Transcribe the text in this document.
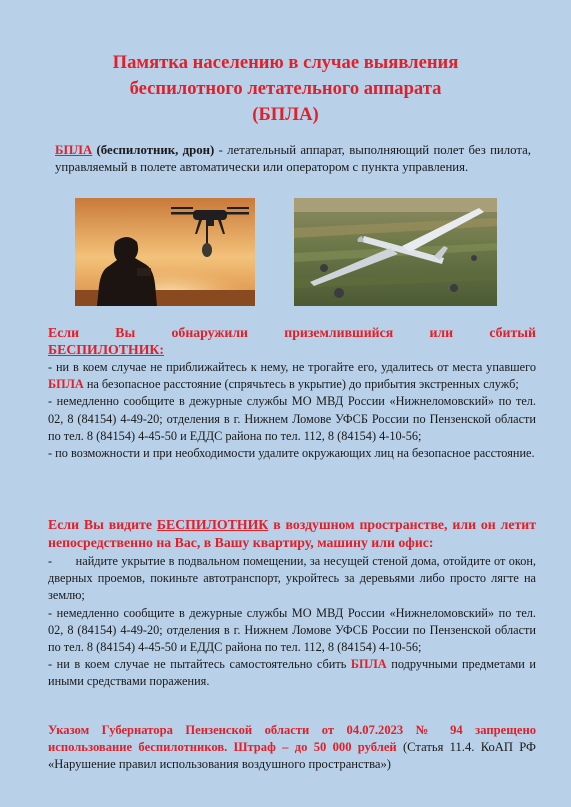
Памятка населению в случае выявления
беспилотного летательного аппарата
(БПЛА)
БПЛА (беспилотник, дрон) - летательный аппарат, выполняющий полет без пилота, управляемый в полете автоматически или оператором с пункта управления.
Если	Вы	обнаружили	приземлившийся	или	сбитый
БЕСПИЛОТНИК:

- ни в коем случае не приближайтесь к нему, не трогайте его, удалитесь от места упавшего БПЛА на безопасное расстояние (спрячьтесь в укрытие) до прибытия экстренных служб;

- немедленно сообщите в дежурные службы МО МВД России «Нижнеломовский» по тел. 02, 8 (84154) 4-49-20; отделения в г. Нижнем Ломове УФСБ России по Пензенской области по тел. 8 (84154) 4-45-50 и ЕДДС района по тел. 112, 8 (84154) 4-10-56;

- по возможности и при необходимости удалите окружающих лиц на безопасное расстояние.

Если Вы видите БЕСПИЛОТНИК в воздушном пространстве, или он летит непосредственно на Вас, в Вашу квартиру, машину или офис:

-       найдите укрытие в подвальном помещении, за несущей стеной дома, отойдите от окон, дверных проемов, покиньте автотранспорт, укройтесь за деревьями либо просто лягте на землю;

- немедленно сообщите в дежурные службы МО МВД России «Нижнеломовский» по тел. 02, 8 (84154) 4-49-20; отделения в г. Нижнем Ломове УФСБ России по Пензенской области по тел. 8 (84154) 4-45-50 и ЕДДС района по тел. 112, 8 (84154) 4-10-56;

- ни в коем случае не пытайтесь самостоятельно сбить БПЛА подручными предметами и иными средствами поражения.

Указом Губернатора Пензенской области от 04.07.2023 № 94 запрещено использование беспилотников. Штраф – до 50 000 рублей (Статья 11.4. КоАП РФ «Нарушение правил использования воздушного пространства»)
